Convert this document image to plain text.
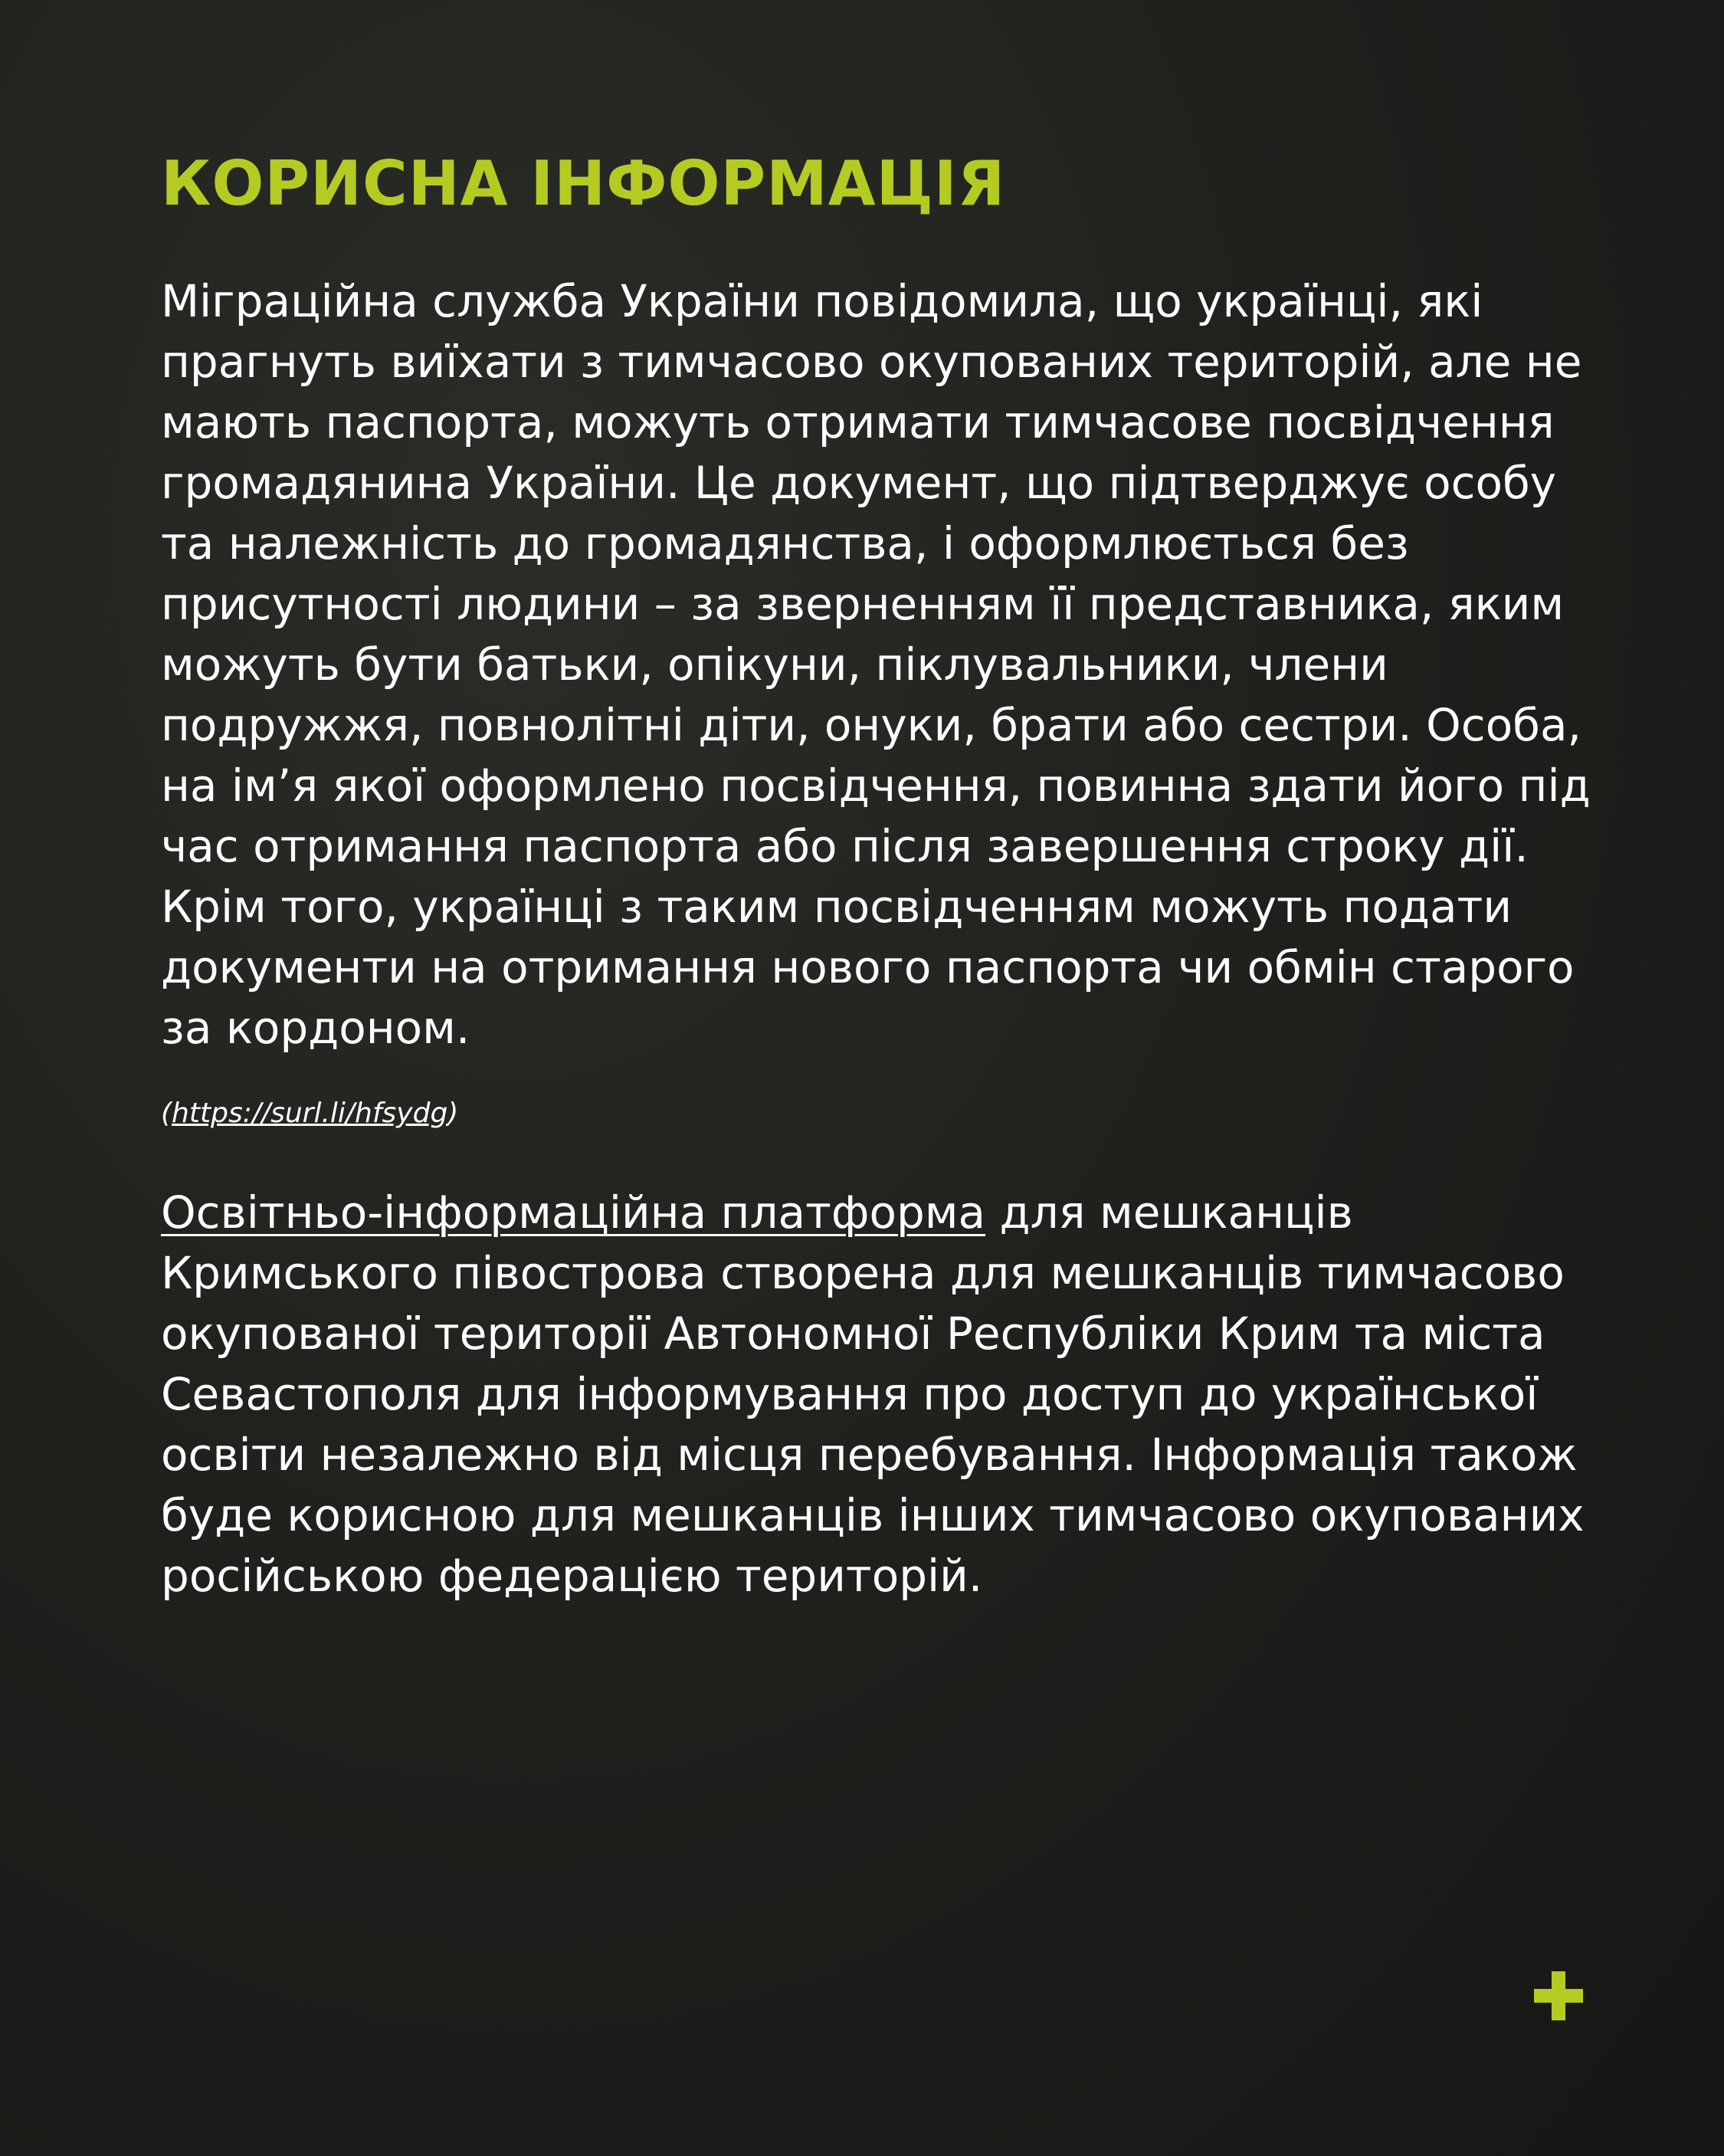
КОРИСНА ІНФОРМАЦІЯ

Міграційна служба України повідомила, що українці, які прагнуть виїхати з тимчасово окупованих територій, але не мають паспорта, можуть отримати тимчасове посвідчення громадянина України. Це документ, що підтверджує особу та належність до громадянства, і оформлюється без присутності людини – за зверненням її представника, яким можуть бути батьки, опікуни, піклувальники, члени подружжя, повнолітні діти, онуки, брати або сестри. Особа, на ім’я якої оформлено посвідчення, повинна здати його під час отримання паспорта або після завершення строку дії. Крім того, українці з таким посвідченням можуть подати документи на отримання нового паспорта чи обмін старого за кордоном.

(https://surl.li/hfsydg)

Освітньо-інформаційна платформа для мешканців Кримського півострова створена для мешканців тимчасово окупованої території Автономної Республіки Крим та міста Севастополя для інформування про доступ до української освіти незалежно від місця перебування. Інформація також буде корисною для мешканців інших тимчасово окупованих російською федерацією територій.
